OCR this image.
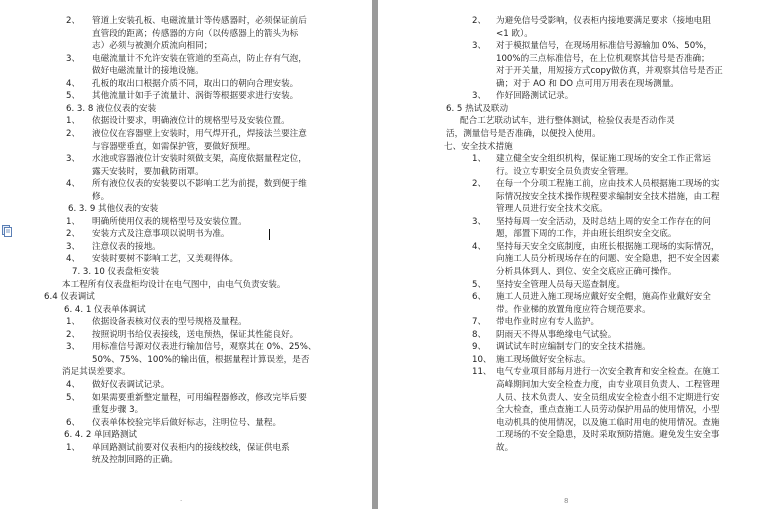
2、 管道上安装孔板、电磁流量计等传感器时，必须保证前后
直管段的距离；传感器的方向（以传感器上的箭头为标
志）必须与被测介质流向相同；
3、 电磁流量计不允许安装在管道的至高点，防止存有气泡，
做好电磁流量计的接地设施。
4、 孔板的取出口根据介质不同，取出口的朝向合理安装。
5、 其他流量计如手子流量计、涡街等根据要求进行安装。
6. 3. 8 液位仪表的安装
1、 依据设计要求，明确液位计的规格型号及安装位置。
2、 液位仪在容器壁上安装时，用气焊开孔，焊接法兰要注意
与容器壁垂直，如需保护管，要做好预埋。
3、 水池或容器液位计安装时须做支架，高度依据量程定位，
露天安装时，要加截防雨罩。
4、 所有液位仪表的安装要以不影响工艺为前提，数到便于维
修。
6. 3. 9 其他仪表的安装
1、 明确所使用仪表的规格型号及安装位置。
2、 安装方式及注意事项以说明书为准。
3、 注意仪表的接地。
4、 安装时要树不影响工艺，又美观得体。
7. 3. 10 仪表盘柜安装
本工程所有仪表盘柜均设计在电气图中，由电气负责安装。
6.4 仪表调试
6. 4. 1 仪表单体调试
1、 依据设备表核对仪表的型号规格及量程。
2、 按照说明书给仪表接线，送电预热，保证其性能良好。
3、 用标准信号源对仪表进行输加信号，观察其在 0%、25%、
50%、75%、100%的输出值，根据量程计算误差，是否
消足其误差要求。
4、 做好仪表调试记录。
5、 如果需要重新整定量程，可用编程器修改，修改完毕后要
重复步骤 3。
6、 仪表单体校验完毕后做好标志，注明位号、量程。
6. 4. 2 单回路测试
1、 单回路测试前要对仪表柜内的接线校线，保证供电系
统及控制回路的正确。
·
2、 为避免信号受影响，仪表柜内接地要满足要求（接地电阻
<1 欧）。
3、 对于模拟量信号，在现场用标准信号源输加 0%、50%，
100%的三点标准信号，在上位机观察其信号是否准确；
对于开关量，用短接方式copy做仿真，并观察其信号是否正
确；对于 AO 和 DO 点可用万用表在现场测量。
3、 作好回路测试记录。
6. 5 热试及联动
配合工艺联动试车，进行整体测试，检验仪表是否动作灵
活，测量信号是否准确，以便投入使用。
七、安全技术措施
1、 建立健全安全组织机构，保证施工现场的安全工作正常运
行。设立专职安全员负责安全管理。
2、 在每一个分项工程施工前，应由技术人员根据施工现场的实
际情况按安全技术操作规程要求编制安全技术措施，由工程
管理人员进行安全技术交底。
3、 坚持每周一安全活动，及时总结上周的安全工作存在的问
题，部置下周的工作，并由班长组织安全交底。
4、 坚持每天安全交底制度，由班长根据施工现场的实际情况，
向施工人员分析现场存在的问题、安全隐患，把不安全因素
分析具体到人、到位、安全交底应正确可操作。
5、 坚持安全管理人员每天巡查制度。
6、 施工人员进入施工现场应戴好安全帽，施高作业戴好安全
带。作业梯的放置角度应符合规范要求。
7、 带电作业时应有专人监护。
8、 阴雨天不得从事绝缘电气试验。
9、 调试试车时应编制专门的安全技术措施。
10、 施工现场做好安全标志。
11、 电气专业项目部每月进行一次安全教育和安全检查。在施工
高峰期间加大安全检查力度，由专业项目负责人、工程管理
人员、技术负责人、安全员组成安全检查小组不定期进行安
全大检查，重点查施工人员劳动保护用品的使用情况，小型
电动机具的使用情况，以及施工临时用电的使用情况。查施
工现场的不安全隐患，及时采取预防措施。避免发生安全事
故。
8
